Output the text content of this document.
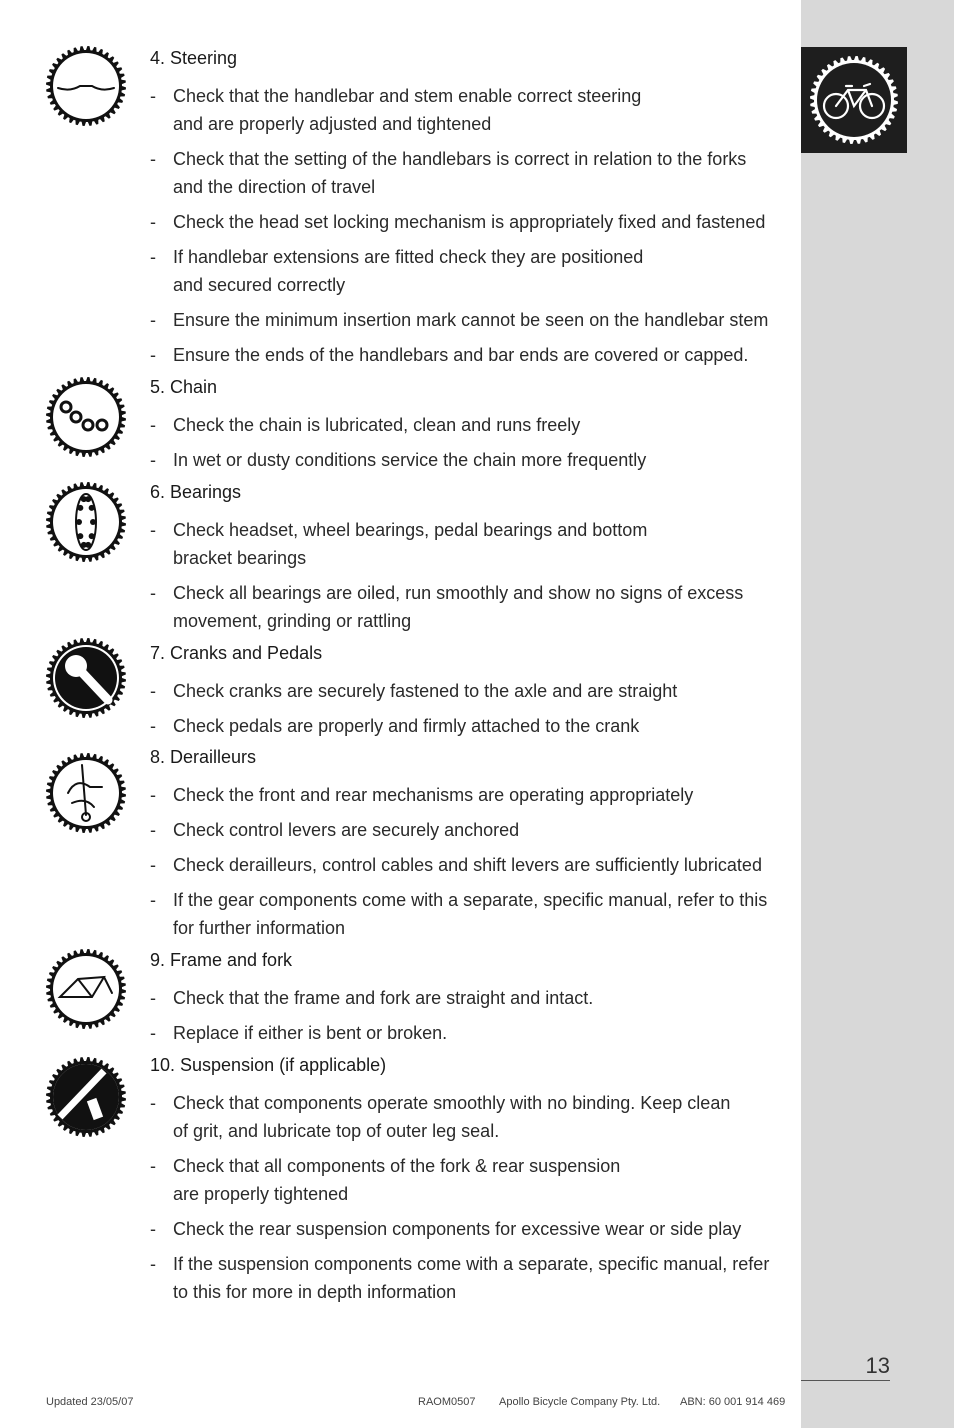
4. Steering
- Check that the handlebar and stem enable correct steering
and are properly adjusted and tightened
- Check that the setting of the handlebars is correct in relation to the forks
and the direction of travel
- Check the head set locking mechanism is appropriately fixed and fastened
- If handlebar extensions are fitted check they are positioned
and secured correctly
- Ensure the minimum insertion mark cannot be seen on the handlebar stem
- Ensure the ends of the handlebars and bar ends are covered or capped.
5. Chain
- Check the chain is lubricated, clean and runs freely
- In wet or dusty conditions service the chain more frequently
6. Bearings
- Check headset, wheel bearings, pedal bearings and bottom
bracket bearings
- Check all bearings are oiled, run smoothly and show no signs of excess
movement, grinding or rattling
7. Cranks and Pedals
- Check cranks are securely fastened to the axle and are straight
- Check pedals are properly and firmly attached to the crank
8. Derailleurs
- Check the front and rear mechanisms are operating appropriately
- Check control levers are securely anchored
- Check derailleurs, control cables and shift levers are sufficiently lubricated
- If the gear components come with a separate, specific manual, refer to this
for further information
9. Frame and fork
- Check that the frame and fork are straight and intact.
- Replace if either is bent or broken.
10. Suspension (if applicable)
- Check that components operate smoothly with no binding. Keep clean
of grit, and lubricate top of outer leg seal.
- Check that all components of the fork & rear suspension
are properly tightened
- Check the rear suspension components for excessive wear or side play
- If the suspension components come with a separate, specific manual, refer
to this for more in depth information
13
Updated 23/05/07	RAOM0507 Apollo Bicycle Company Pty. Ltd. ABN: 60 001 914 469
